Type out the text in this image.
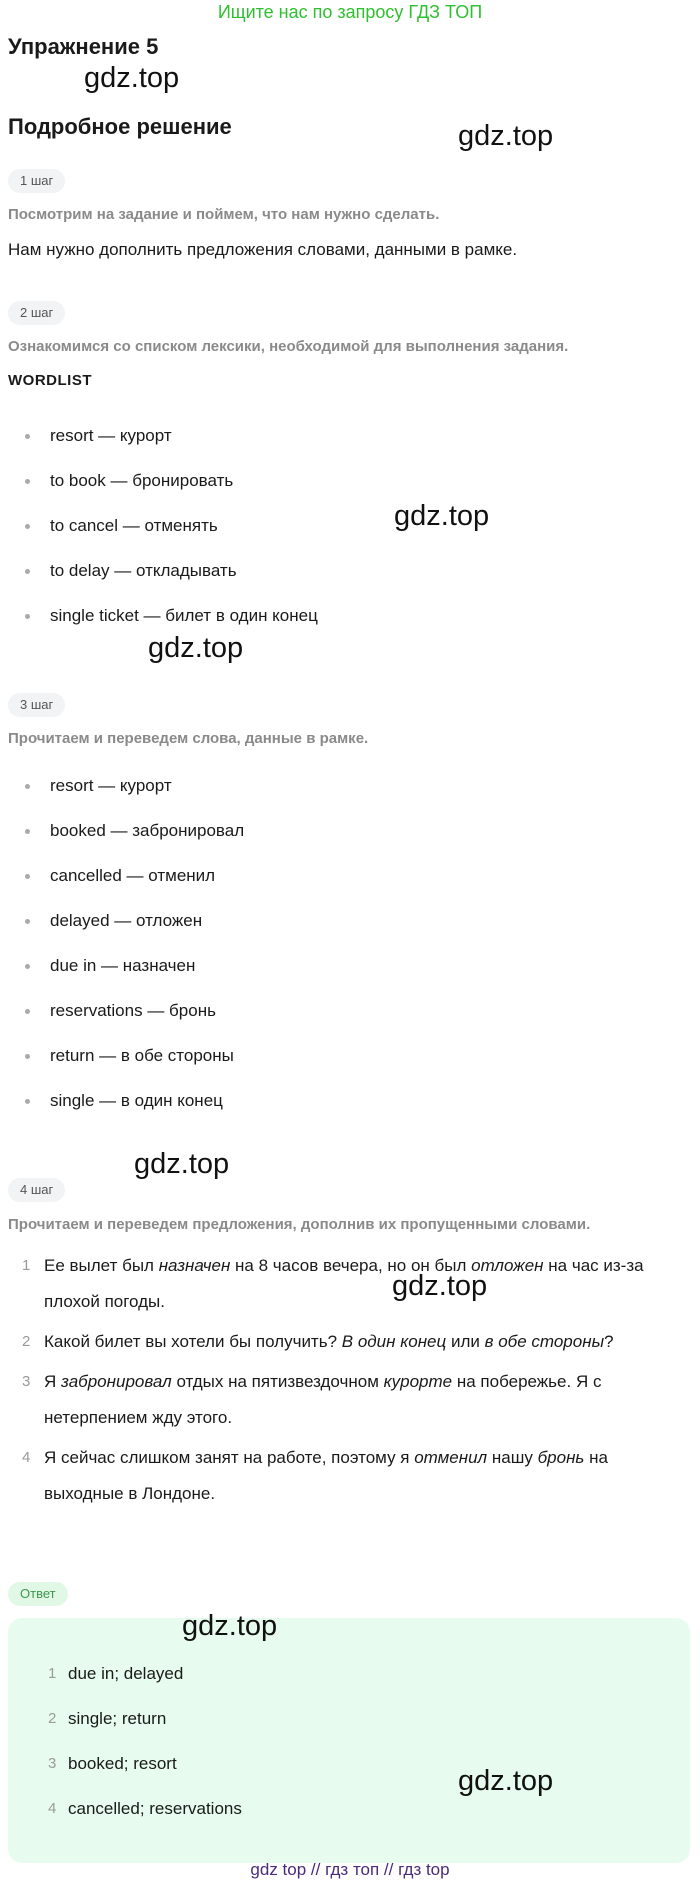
Ищите нас по запросу ГДЗ ТОП
Упражнение 5
gdz.top
Подробное решение	gdz.top
1 шаг
Посмотрим на задание и поймем, что нам нужно сделать.
Нам нужно дополнить предложения словами, данными в рамке.
2 шаг
Ознакомимся со списком лексики, необходимой для выполнения задания.
WORDLIST
resort — курорт
to book — бронировать
to cancel — отменять
to delay — откладывать
single ticket — билет в один конец
gdz.top
gdz.top
3 шаг
Прочитаем и переведем слова, данные в рамке.
resort — курорт
booked — забронировал
cancelled — отменил
delayed — отложен
due in — назначен
reservations — бронь
return — в обе стороны
single — в один конец
gdz.top
4 шаг
Прочитаем и переведем предложения, дополнив их пропущенными словами.
1 Ее вылет был назначен на 8 часов вечера, но он был отложен на час из-за плохой погоды.
2 Какой билет вы хотели бы получить? В один конец или в обе стороны?
3 Я забронировал отдых на пятизвездочном курорте на побережье. Я с нетерпением жду этого.
4 Я сейчас слишком занят на работе, поэтому я отменил нашу бронь на выходные в Лондоне.
gdz.top
Ответ
gdz.top
1 due in; delayed
2 single; return
3 booked; resort
4 cancelled; reservations
gdz.top
gdz top // гдз топ // гдз top
